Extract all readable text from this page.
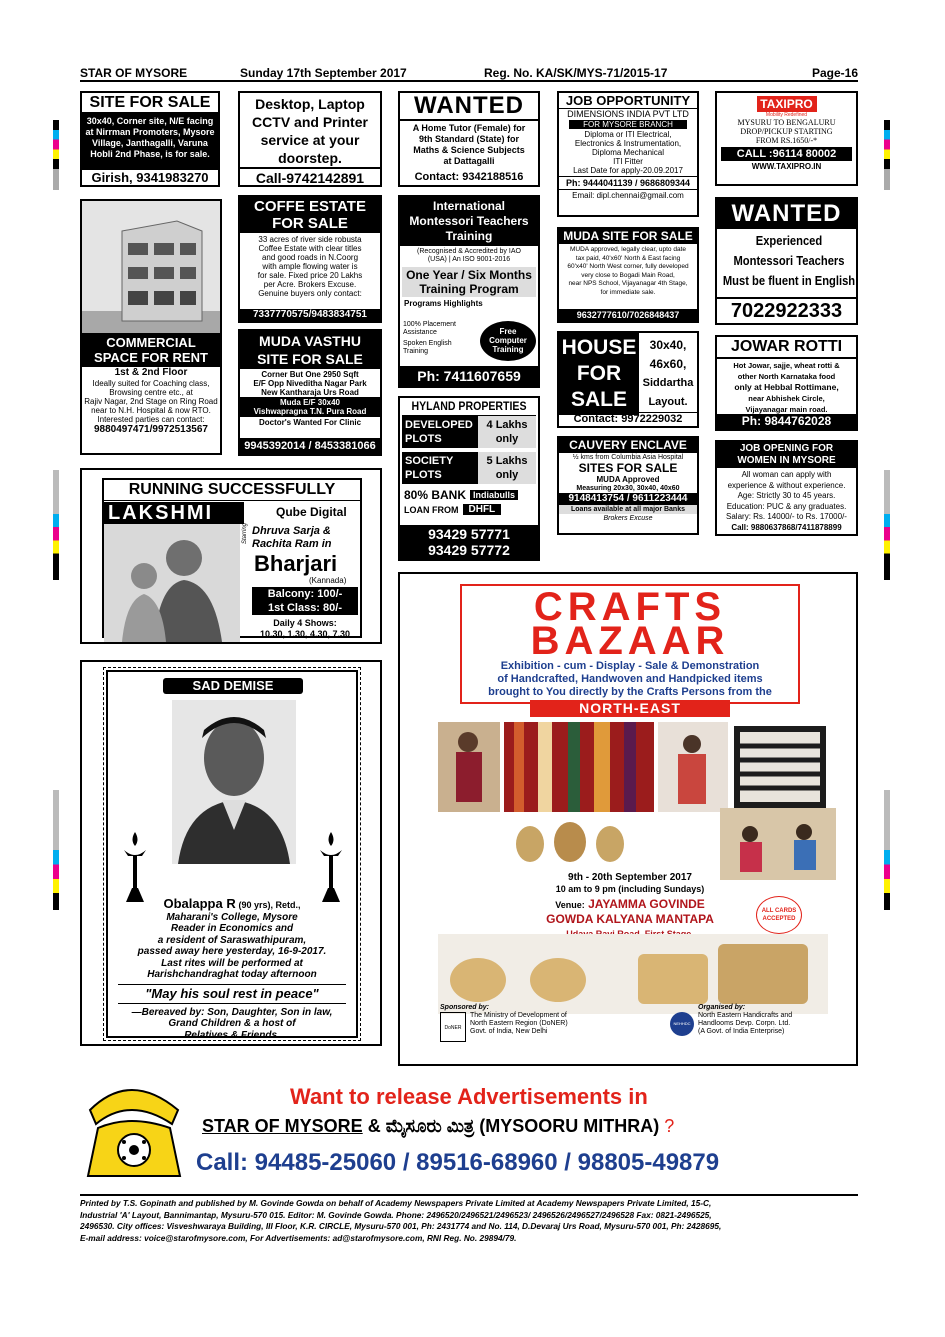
STAR OF MYSORE	Sunday 17th September 2017	Reg. No. KA/SK/MYS-71/2015-17	Page-16
SITE FOR SALE
30x40, Corner site, N/E facing
at Nirrman Promoters, Mysore
Village, Janthagalli, Varuna
Hobli 2nd Phase, is for sale.
Girish, 9341983270
Desktop, Laptop
CCTV and Printer
service at your
doorstep.
Call-9742142891
WANTED
A Home Tutor (Female) for
9th Standard (State) for
Maths & Science Subjects
at Dattagalli
Contact: 9342188516
JOB OPPORTUNITY
DIMENSIONS INDIA PVT LTD
FOR MYSORE BRANCH
Diploma or ITI Electrical,
Electronics & Instrumentation,
Diploma Mechanical
ITI Fitter
Last Date for apply-20.09.2017
Ph: 9444041139 / 9686809344
Email: dipl.chennai@gmail.com
TAXIPRO
Mobility Redefined
MYSURU TO BENGALURU
DROP/PICKUP STARTING
FROM RS.1650/-*
CALL :96114 80002
WWW.TAXIPRO.IN
COMMERCIAL SPACE FOR RENT
1st & 2nd Floor
Ideally suited for Coaching class,
Browsing centre etc., at
Rajiv Nagar, 2nd Stage on Ring Road
near to N.H. Hospital & now RTO.
Interested parties can contact:
9880497471/9972513567
COFFE ESTATE FOR SALE
33 acres of river side robusta
Coffee Estate with clear titles
and good roads in N.Coorg
with ample flowing water is
for sale. Fixed price 20 Lakhs
per Acre. Brokers Excuse.
Genuine buyers only contact:
7337770575/9483834751
International Montessori Teachers Training
(Recognised & Accredited by IAO
(USA) | An ISO 9001-2016
One Year / Six Months Training Program
Programs Highlights
100% Placement Assistance
Spoken English Training
Free Computer Training
Ph: 7411607659
MUDA SITE FOR SALE
MUDA approved, legally clear, upto date
tax paid, 40'x60' North & East facing
60'x40' North West corner, fully developed
very close to Bogadi Main Road,
near NPS School, Vijayanagar 4th Stage,
for immediate sale.
9632777610/7026848437
WANTED
Experienced
Montessori Teachers
Must be fluent in English
7022922333
MUDA VASTHU SITE FOR SALE
Corner But One 2950 Sqft
E/F Opp Niveditha Nagar Park
New Kantharaja Urs Road
Muda E/F 30x40
Vishwapragna T.N. Pura Road
Doctor's Wanted For Clinic
9945392014 / 8453381066
HOUSE
FOR
SALE
30x40,
46x60,
Siddartha
Layout.
Contact: 9972229032
JOWAR ROTTI
Hot Jowar, sajje, wheat rotti &
other North Karnataka food
only at Hebbal Rottimane,
near Abhishek Circle,
Vijayanagar main road.
Ph: 9844762028
HYLAND PROPERTIES
DEVELOPED PLOTS
4 Lakhs only
SOCIETY PLOTS
5 Lakhs only
80% BANK Indiabulls
LOAN FROM	DHFL
93429 57771
93429 57772
CAUVERY ENCLAVE
½ kms from Columbia Asia Hospital
SITES FOR SALE
MUDA Approved
Measuring 20x30, 30x40, 40x60
9148413754 / 9611223444
Loans available at all major Banks
Brokers Excuse
JOB OPENING FOR
WOMEN IN MYSORE
All woman can apply with
experience & without experience.
Age: Strictly 30 to 45 years.
Education: PUC & any graduates.
Salary: Rs. 14000/- to Rs. 17000/-
Call: 9880637868/7411878899
RUNNING SUCCESSFULLY
LAKSHMI	Qube Digital
Starring Dhruva Sarja &
Rachita Ram in
Bharjari
(Kannada)
Balcony: 100/-
1st Class: 80/-
Daily 4 Shows:
10.30, 1.30, 4.30, 7.30
SAD DEMISE
Obalappa R (90 yrs), Retd.,
Maharani's College, Mysore
Reader in Economics and
a resident of Saraswathipuram,
passed away here yesterday, 16-9-2017.
Last rites will be performed at
Harishchandraghat today afternoon
"May his soul rest in peace"
—Bereaved by: Son, Daughter, Son in law,
Grand Children & a host of
Relatives & Friends.
CRAFTS
BAZAAR
Exhibition - cum - Display - Sale & Demonstration
of Handcrafted, Handwoven and Handpicked items
brought to You directly by the Crafts Persons from the
NORTH-EAST
9th - 20th September 2017
10 am to 9 pm (including Sundays)
Venue: JAYAMMA GOVINDE
GOWDA KALYANA MANTAPA
ALL CARDS ACCEPTED
Sponsored by:
DoNER
The Ministry of Development of
North Eastern Region (DoNER)
Govt. of India, New Delhi
Organised by:
NEHHDC
North Eastern Handicrafts and
Handlooms Devp. Corpn. Ltd.
(A Govt. of India Enterprise)
Want to release Advertisements in
STAR OF MYSORE & ಮೈಸೂರು ಮಿತ್ರ (MYSOORU MITHRA) ?
Call: 94485-25060 / 89516-68960 / 98805-49879
Printed by T.S. Gopinath and published by M. Govinde Gowda on behalf of Academy Newspapers Private Limited at Academy Newspapers Private Limited, 15-C,
Industrial 'A' Layout, Bannimantap, Mysuru-570 015. Editor: M. Govinde Gowda. Phone: 2496520/2496521/2496523/ 2496526/2496527/2496528 Fax: 0821-2496525,
2496530. City offices: Visveshwaraya Building, III Floor, K.R. CIRCLE, Mysuru-570 001, Ph: 2431774 and No. 114, D.Devaraj Urs Road, Mysuru-570 001, Ph: 2428695,
E-mail address: voice@starofmysore.com, For Advertisements: ad@starofmysore.com, RNI Reg. No. 29894/79.
